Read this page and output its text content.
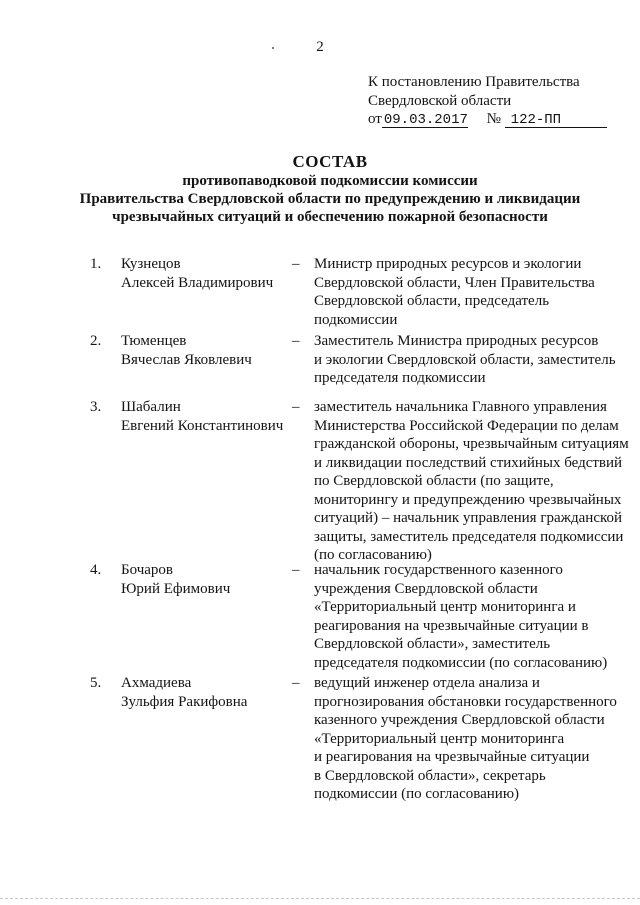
2
К постановлению Правительства
Свердловской области
от 09.03.2017 № 122-ПП
СОСТАВ
противопаводковой подкомиссии комиссии
Правительства Свердловской области по предупреждению и ликвидации
чрезвычайных ситуаций и обеспечению пожарной безопасности
1. Кузнецов
Алексей Владимирович
– Министр природных ресурсов и экологии
Свердловской области, Член Правительства
Свердловской области, председатель
подкомиссии
2. Тюменцев
Вячеслав Яковлевич
– Заместитель Министра природных ресурсов
и экологии Свердловской области, заместитель
председателя подкомиссии
3. Шабалин
Евгений Константинович
– заместитель начальника Главного управления
Министерства Российской Федерации по делам
гражданской обороны, чрезвычайным ситуациям
и ликвидации последствий стихийных бедствий
по Свердловской области (по защите,
мониторингу и предупреждению чрезвычайных
ситуаций) – начальник управления гражданской
защиты, заместитель председателя подкомиссии
(по согласованию)
4. Бочаров
Юрий Ефимович
– начальник государственного казенного
учреждения Свердловской области
«Территориальный центр мониторинга и
реагирования на чрезвычайные ситуации в
Свердловской области», заместитель
председателя подкомиссии (по согласованию)
5. Ахмадиева
Зульфия Ракифовна
– ведущий инженер отдела анализа и
прогнозирования обстановки государственного
казенного учреждения Свердловской области
«Территориальный центр мониторинга
и реагирования на чрезвычайные ситуации
в Свердловской области», секретарь
подкомиссии (по согласованию)
